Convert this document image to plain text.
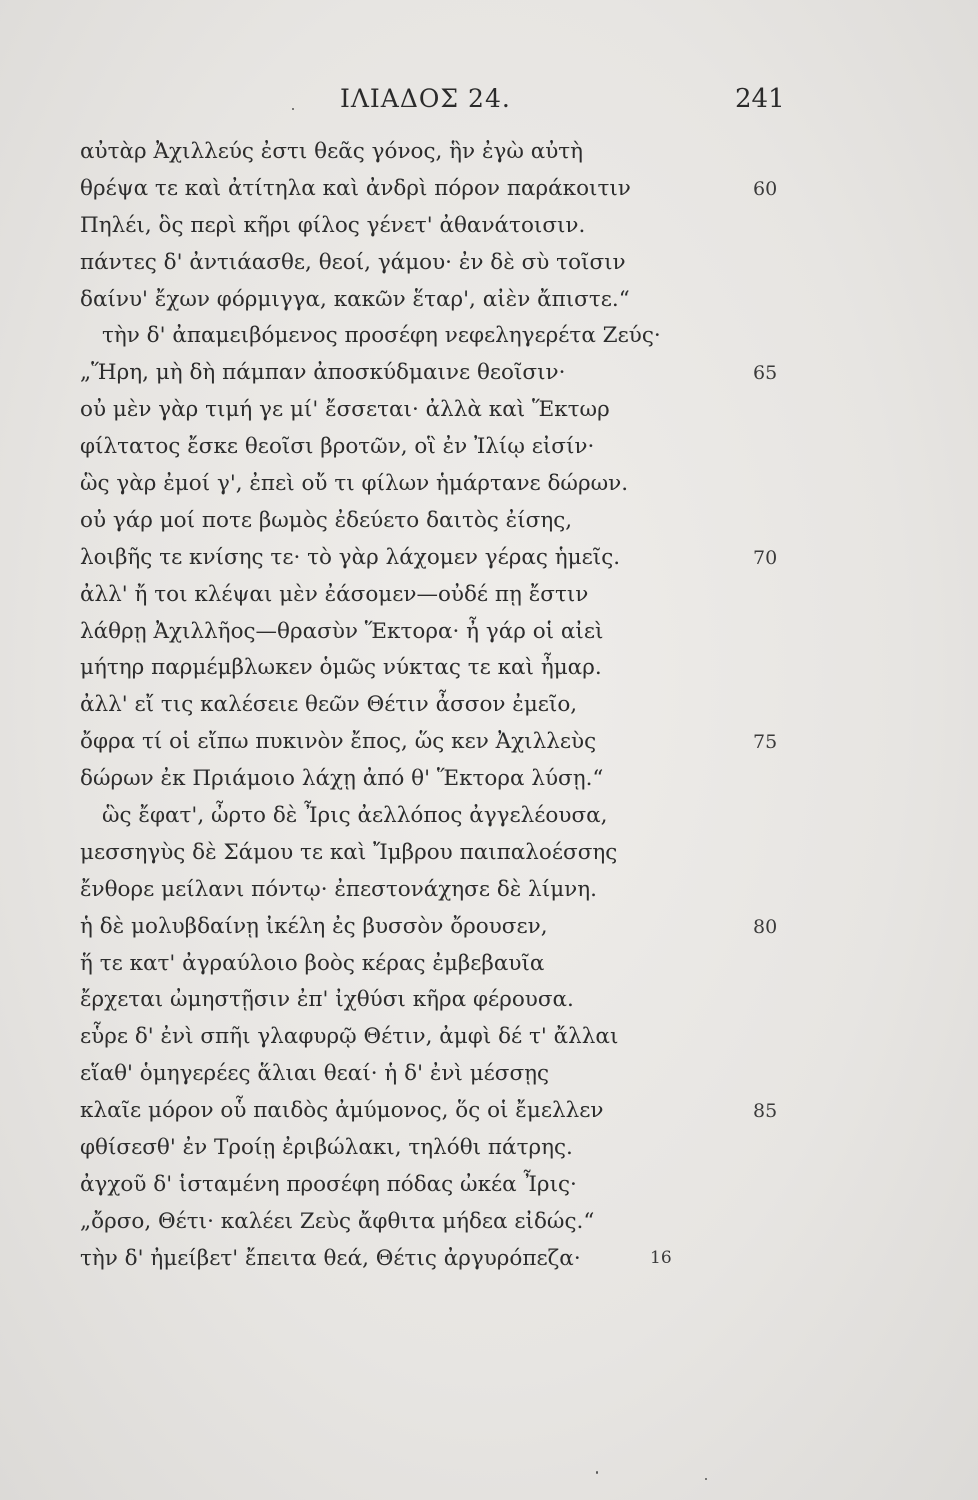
ΙΛΙΑΔΟΣ 24.	241
αὐτὰρ Ἀχιλλεύς ἐστι θεᾶς γόνος, ἣν ἐγὼ αὐτὴ
θρέψα τε καὶ ἀτίτηλα καὶ ἀνδρὶ πόρον παράκοιτιν	60
Πηλέι, ὃς περὶ κῆρι φίλος γένετ' ἀθανάτοισιν.
πάντες δ' ἀντιάασθε, θεοί, γάμου· ἐν δὲ σὺ τοῖσιν
δαίνυ' ἔχων φόρμιγγα, κακῶν ἕταρ', αἰὲν ἄπιστε.“
τὴν δ' ἀπαμειβόμενος προσέφη νεφεληγερέτα Ζεύς·
„Ἥρη, μὴ δὴ πάμπαν ἀποσκύδμαινε θεοῖσιν·	65
οὐ μὲν γὰρ τιμή γε μί' ἔσσεται· ἀλλὰ καὶ Ἕκτωρ
φίλτατος ἔσκε θεοῖσι βροτῶν, οἳ ἐν Ἰλίῳ εἰσίν·
ὣς γὰρ ἐμοί γ', ἐπεὶ οὔ τι φίλων ἡμάρτανε δώρων.
οὐ γάρ μοί ποτε βωμὸς ἐδεύετο δαιτὸς ἐίσης,
λοιβῆς τε κνίσης τε· τὸ γὰρ λάχομεν γέρας ἡμεῖς.	70
ἀλλ' ἤ τοι κλέψαι μὲν ἐάσομεν—οὐδέ πῃ ἔστιν
λάθρῃ Ἀχιλλῆος—θρασὺν Ἕκτορα· ἦ γάρ οἱ αἰεὶ
μήτηρ παρμέμβλωκεν ὁμῶς νύκτας τε καὶ ἦμαρ.
ἀλλ' εἴ τις καλέσειε θεῶν Θέτιν ἆσσον ἐμεῖο,
ὄφρα τί οἱ εἴπω πυκινὸν ἔπος, ὥς κεν Ἀχιλλεὺς	75
δώρων ἐκ Πριάμοιο λάχῃ ἀπό θ' Ἕκτορα λύσῃ.“
ὣς ἔφατ', ὦρτο δὲ Ἶρις ἀελλόπος ἀγγελέουσα,
μεσσηγὺς δὲ Σάμου τε καὶ Ἴμβρου παιπαλοέσσης
ἔνθορε μείλανι πόντῳ· ἐπεστονάχησε δὲ λίμνη.
ἡ δὲ μολυβδαίνῃ ἰκέλη ἐς βυσσὸν ὄρουσεν,	80
ἥ τε κατ' ἀγραύλοιο βοὸς κέρας ἐμβεβαυῖα
ἔρχεται ὠμηστῇσιν ἐπ' ἰχθύσι κῆρα φέρουσα.
εὗρε δ' ἐνὶ σπῆι γλαφυρῷ Θέτιν, ἀμφὶ δέ τ' ἄλλαι
εἵαθ' ὁμηγερέες ἅλιαι θεαί· ἡ δ' ἐνὶ μέσσῃς
κλαῖε μόρον οὗ παιδὸς ἀμύμονος, ὅς οἱ ἔμελλεν	85
φθίσεσθ' ἐν Τροίῃ ἐριβώλακι, τηλόθι πάτρης.
ἀγχοῦ δ' ἱσταμένη προσέφη πόδας ὠκέα Ἶρις·
„ὄρσο, Θέτι· καλέει Ζεὺς ἄφθιτα μήδεα εἰδώς.“
τὴν δ' ἠμείβετ' ἔπειτα θεά, Θέτις ἀργυρόπεζα·	16
